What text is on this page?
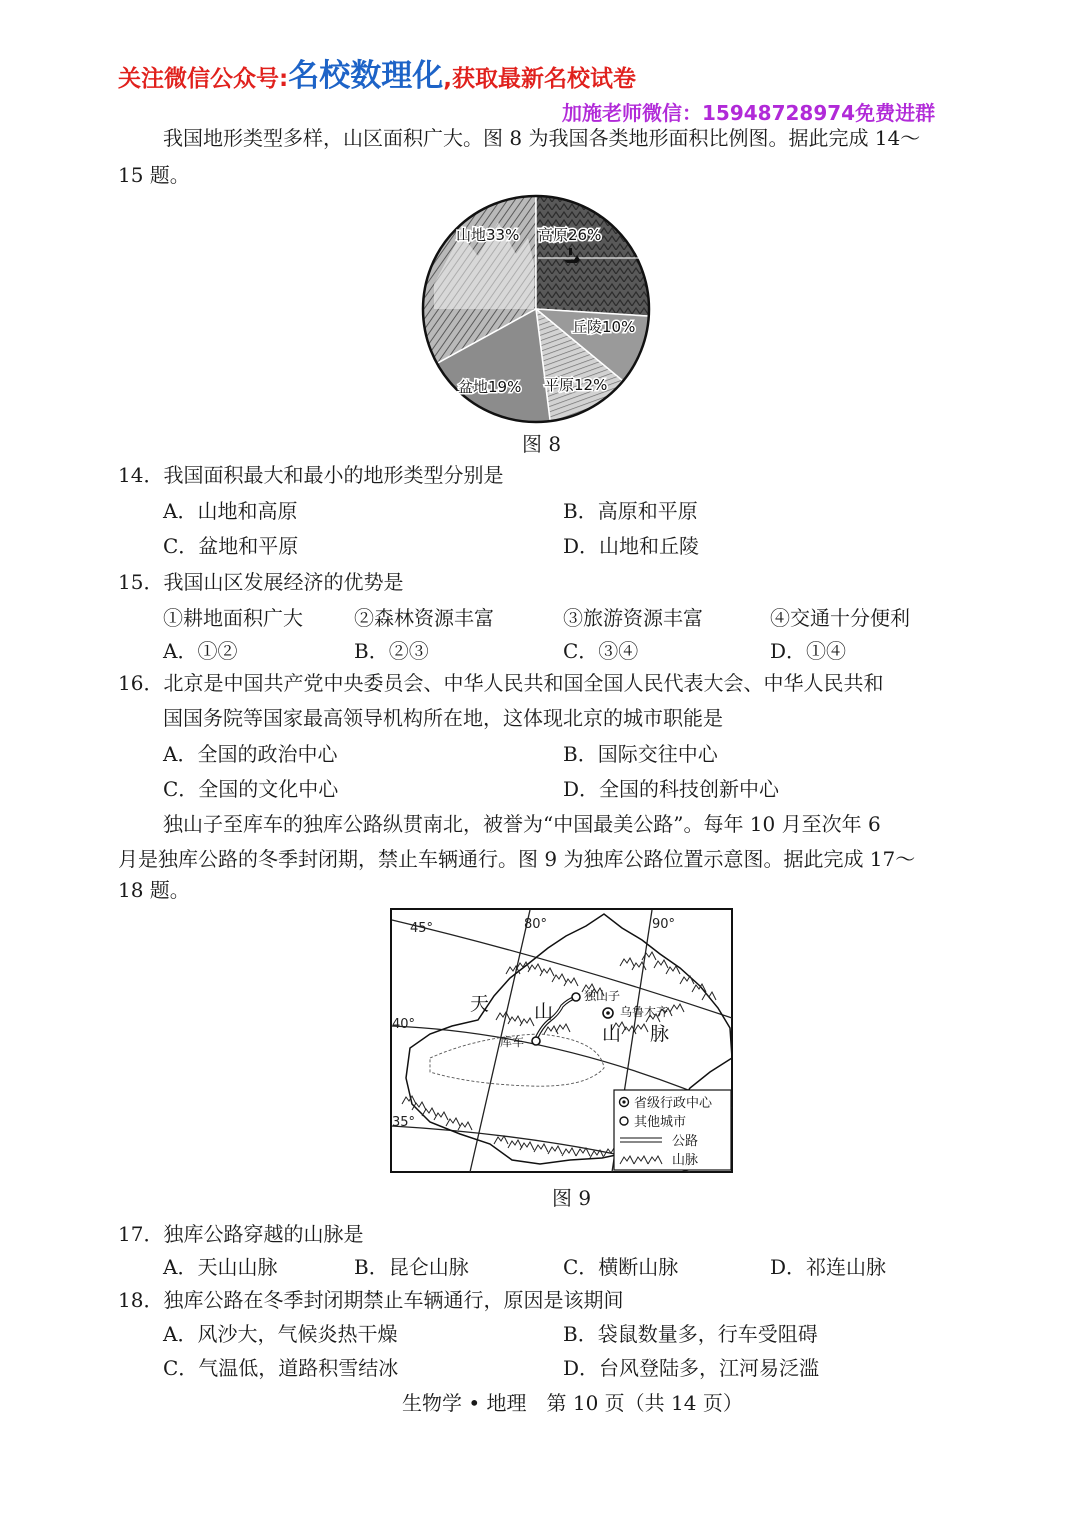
关注微信公众号:名校数理化,获取最新名校试卷
加施老师微信：15948728974免费进群
我国地形类型多样，山区面积广大。图 8 为我国各类地形面积比例图。据此完成 14～
15 题。
山地33% 高原26%
丘陵10%
平原12%
盆地19%
图 8
14．我国面积最大和最小的地形类型分别是
A．山地和高原	B．高原和平原
C．盆地和平原	D．山地和丘陵
15．我国山区发展经济的优势是
①耕地面积广大	②森林资源丰富	③旅游资源丰富	④交通十分便利
A．①②	B．②③	C．③④	D．①④
16．北京是中国共产党中央委员会、中华人民共和国全国人民代表大会、中华人民共和
国国务院等国家最高领导机构所在地，这体现北京的城市职能是
A．全国的政治中心	B．国际交往中心
C．全国的文化中心	D．全国的科技创新中心
独山子至库车的独库公路纵贯南北，被誉为“中国最美公路”。每年 10 月至次年 6
月是独库公路的冬季封闭期，禁止车辆通行。图 9 为独库公路位置示意图。据此完成 17～
18 题。
45°
40°
35°
80°	90°
天 山
山 脉
独山子
乌鲁木齐
库车
省级行政中心
其他城市
公路
山脉
图 9
17．独库公路穿越的山脉是
A．天山山脉	B．昆仑山脉	C．横断山脉	D．祁连山脉
18．独库公路在冬季封闭期禁止车辆通行，原因是该期间
A．风沙大，气候炎热干燥	B．袋鼠数量多，行车受阻碍
C．气温低，道路积雪结冰	D．台风登陆多，江河易泛滥
生物学 • 地理　第 10 页（共 14 页）
